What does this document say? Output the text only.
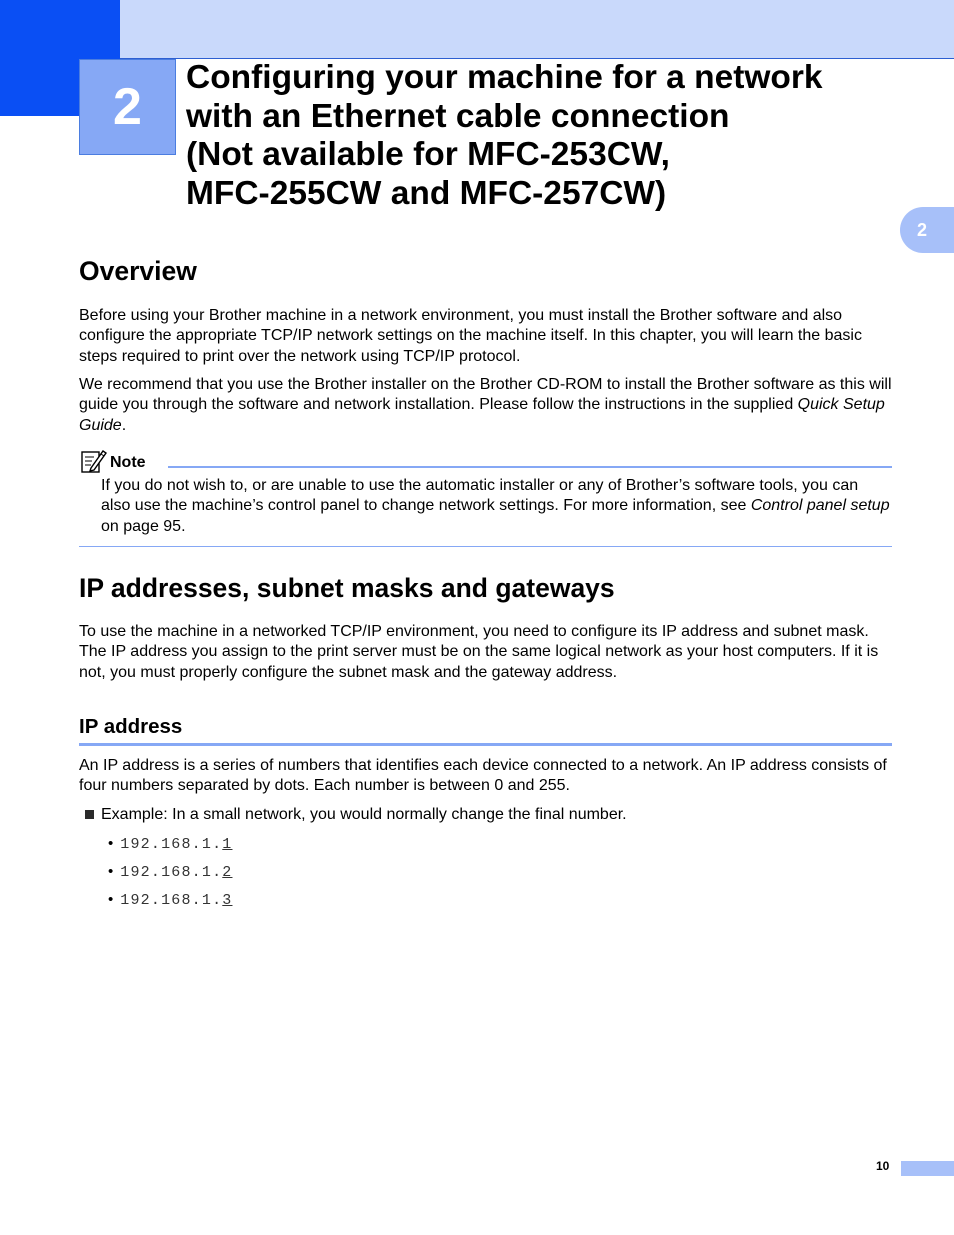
2
Configuring your machine for a network
with an Ethernet cable connection
(Not available for MFC-253CW,
MFC-255CW and MFC-257CW)
2
Overview

Before using your Brother machine in a network environment, you must install the Brother software and also configure the appropriate TCP/IP network settings on the machine itself. In this chapter, you will learn the basic steps required to print over the network using TCP/IP protocol.

We recommend that you use the Brother installer on the Brother CD-ROM to install the Brother software as this will guide you through the software and network installation. Please follow the instructions in the supplied Quick Setup Guide.

Note

If you do not wish to, or are unable to use the automatic installer or any of Brother’s software tools, you can also use the machine’s control panel to change network settings. For more information, see Control panel setup on page 95.

IP addresses, subnet masks and gateways

To use the machine in a networked TCP/IP environment, you need to configure its IP address and subnet mask. The IP address you assign to the print server must be on the same logical network as your host computers. If it is not, you must properly configure the subnet mask and the gateway address.

IP address

An IP address is a series of numbers that identifies each device connected to a network. An IP address consists of four numbers separated by dots. Each number is between 0 and 255.

Example: In a small network, you would normally change the final number.

• 192.168.1.1
• 192.168.1.2
• 192.168.1.3
10
